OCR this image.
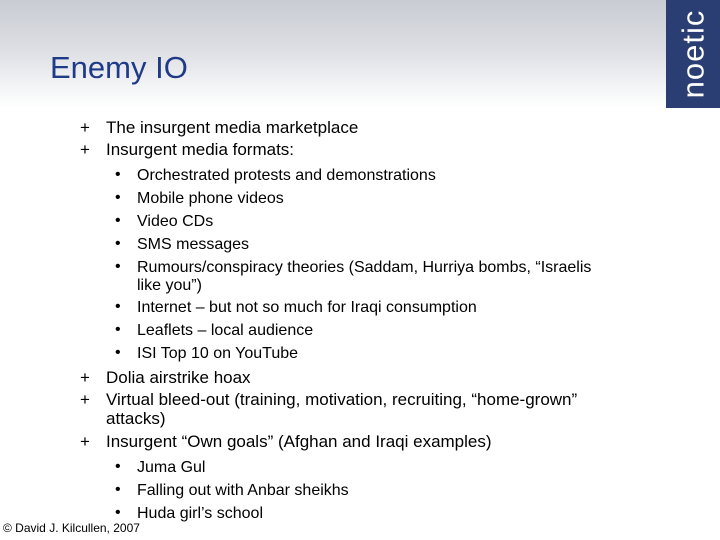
Enemy IO	noetic
+ The insurgent media marketplace
+ Insurgent media formats:
• Orchestrated protests and demonstrations
• Mobile phone videos
• Video CDs
• SMS messages
• Rumours/conspiracy theories (Saddam, Hurriya bombs, “Israelis
like you”)
• Internet – but not so much for Iraqi consumption
• Leaflets – local audience
• ISI Top 10 on YouTube
+ Dolia airstrike hoax
+ Virtual bleed-out (training, motivation, recruiting, “home-grown”
attacks)
+ Insurgent “Own goals” (Afghan and Iraqi examples)
• Juma Gul
• Falling out with Anbar sheikhs
• Huda girl’s school
© David J. Kilcullen, 2007
